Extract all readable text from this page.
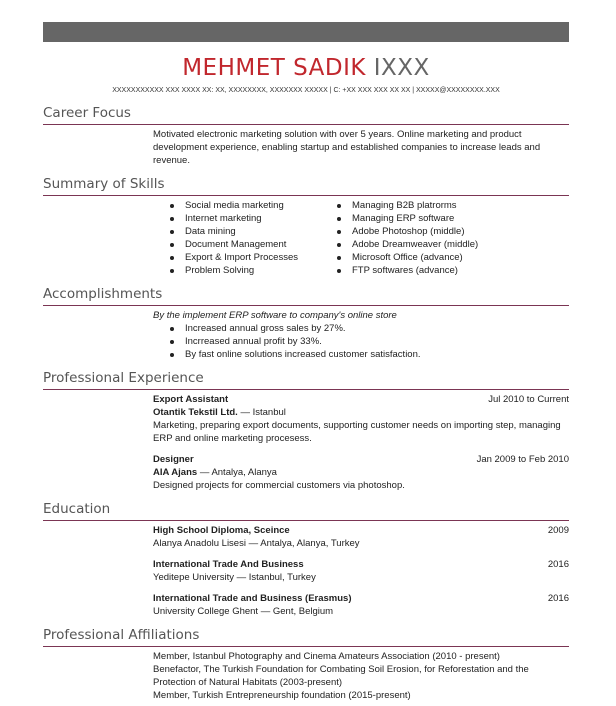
MEHMET SADIK IXXX
XXXXXXXXXXX XXX XXXX XX: XX, XXXXXXXX, XXXXXXX XXXXX | C: +XX XXX XXX XX XX | XXXXX@XXXXXXXX.XXX
Career Focus
Motivated electronic marketing solution with over 5 years. Online marketing and product development experience, enabling startup and established companies to increase leads and revenue.
Summary of Skills
Social media marketing
Internet marketing
Data mining
Document Management
Export & Import Processes
Problem Solving
Managing B2B platrorms
Managing ERP software
Adobe Photoshop (middle)
Adobe Dreamweaver (middle)
Microsoft Office (advance)
FTP softwares (advance)
Accomplishments
By the implement ERP software to company's online store
Increased annual gross sales by 27%.
Incrreased annual profit by 33%.
By fast online solutions increased customer satisfaction.
Professional Experience
Export Assistant	Jul 2010 to Current
Otantik Tekstil Ltd. — Istanbul
Marketing, preparing export documents, supporting customer needs on importing step, managing ERP and online marketing procesess.
Designer	Jan 2009 to Feb 2010
AIA Ajans — Antalya, Alanya
Designed projects for commercial customers via photoshop.
Education
High School Diploma, Sceince	2009
Alanya Anadolu Lisesi — Antalya, Alanya, Turkey
International Trade And Business	2016
Yeditepe University — Istanbul, Turkey
International Trade and Business (Erasmus)	2016
University College Ghent — Gent, Belgium
Professional Affiliations
Member, Istanbul Photography and Cinema Amateurs Association (2010 - present)
Benefactor, The Turkish Foundation for Combating Soil Erosion, for Reforestation and the Protection of Natural Habitats (2003-present)
Member, Turkish Entrepreneurship foundation (2015-present)
